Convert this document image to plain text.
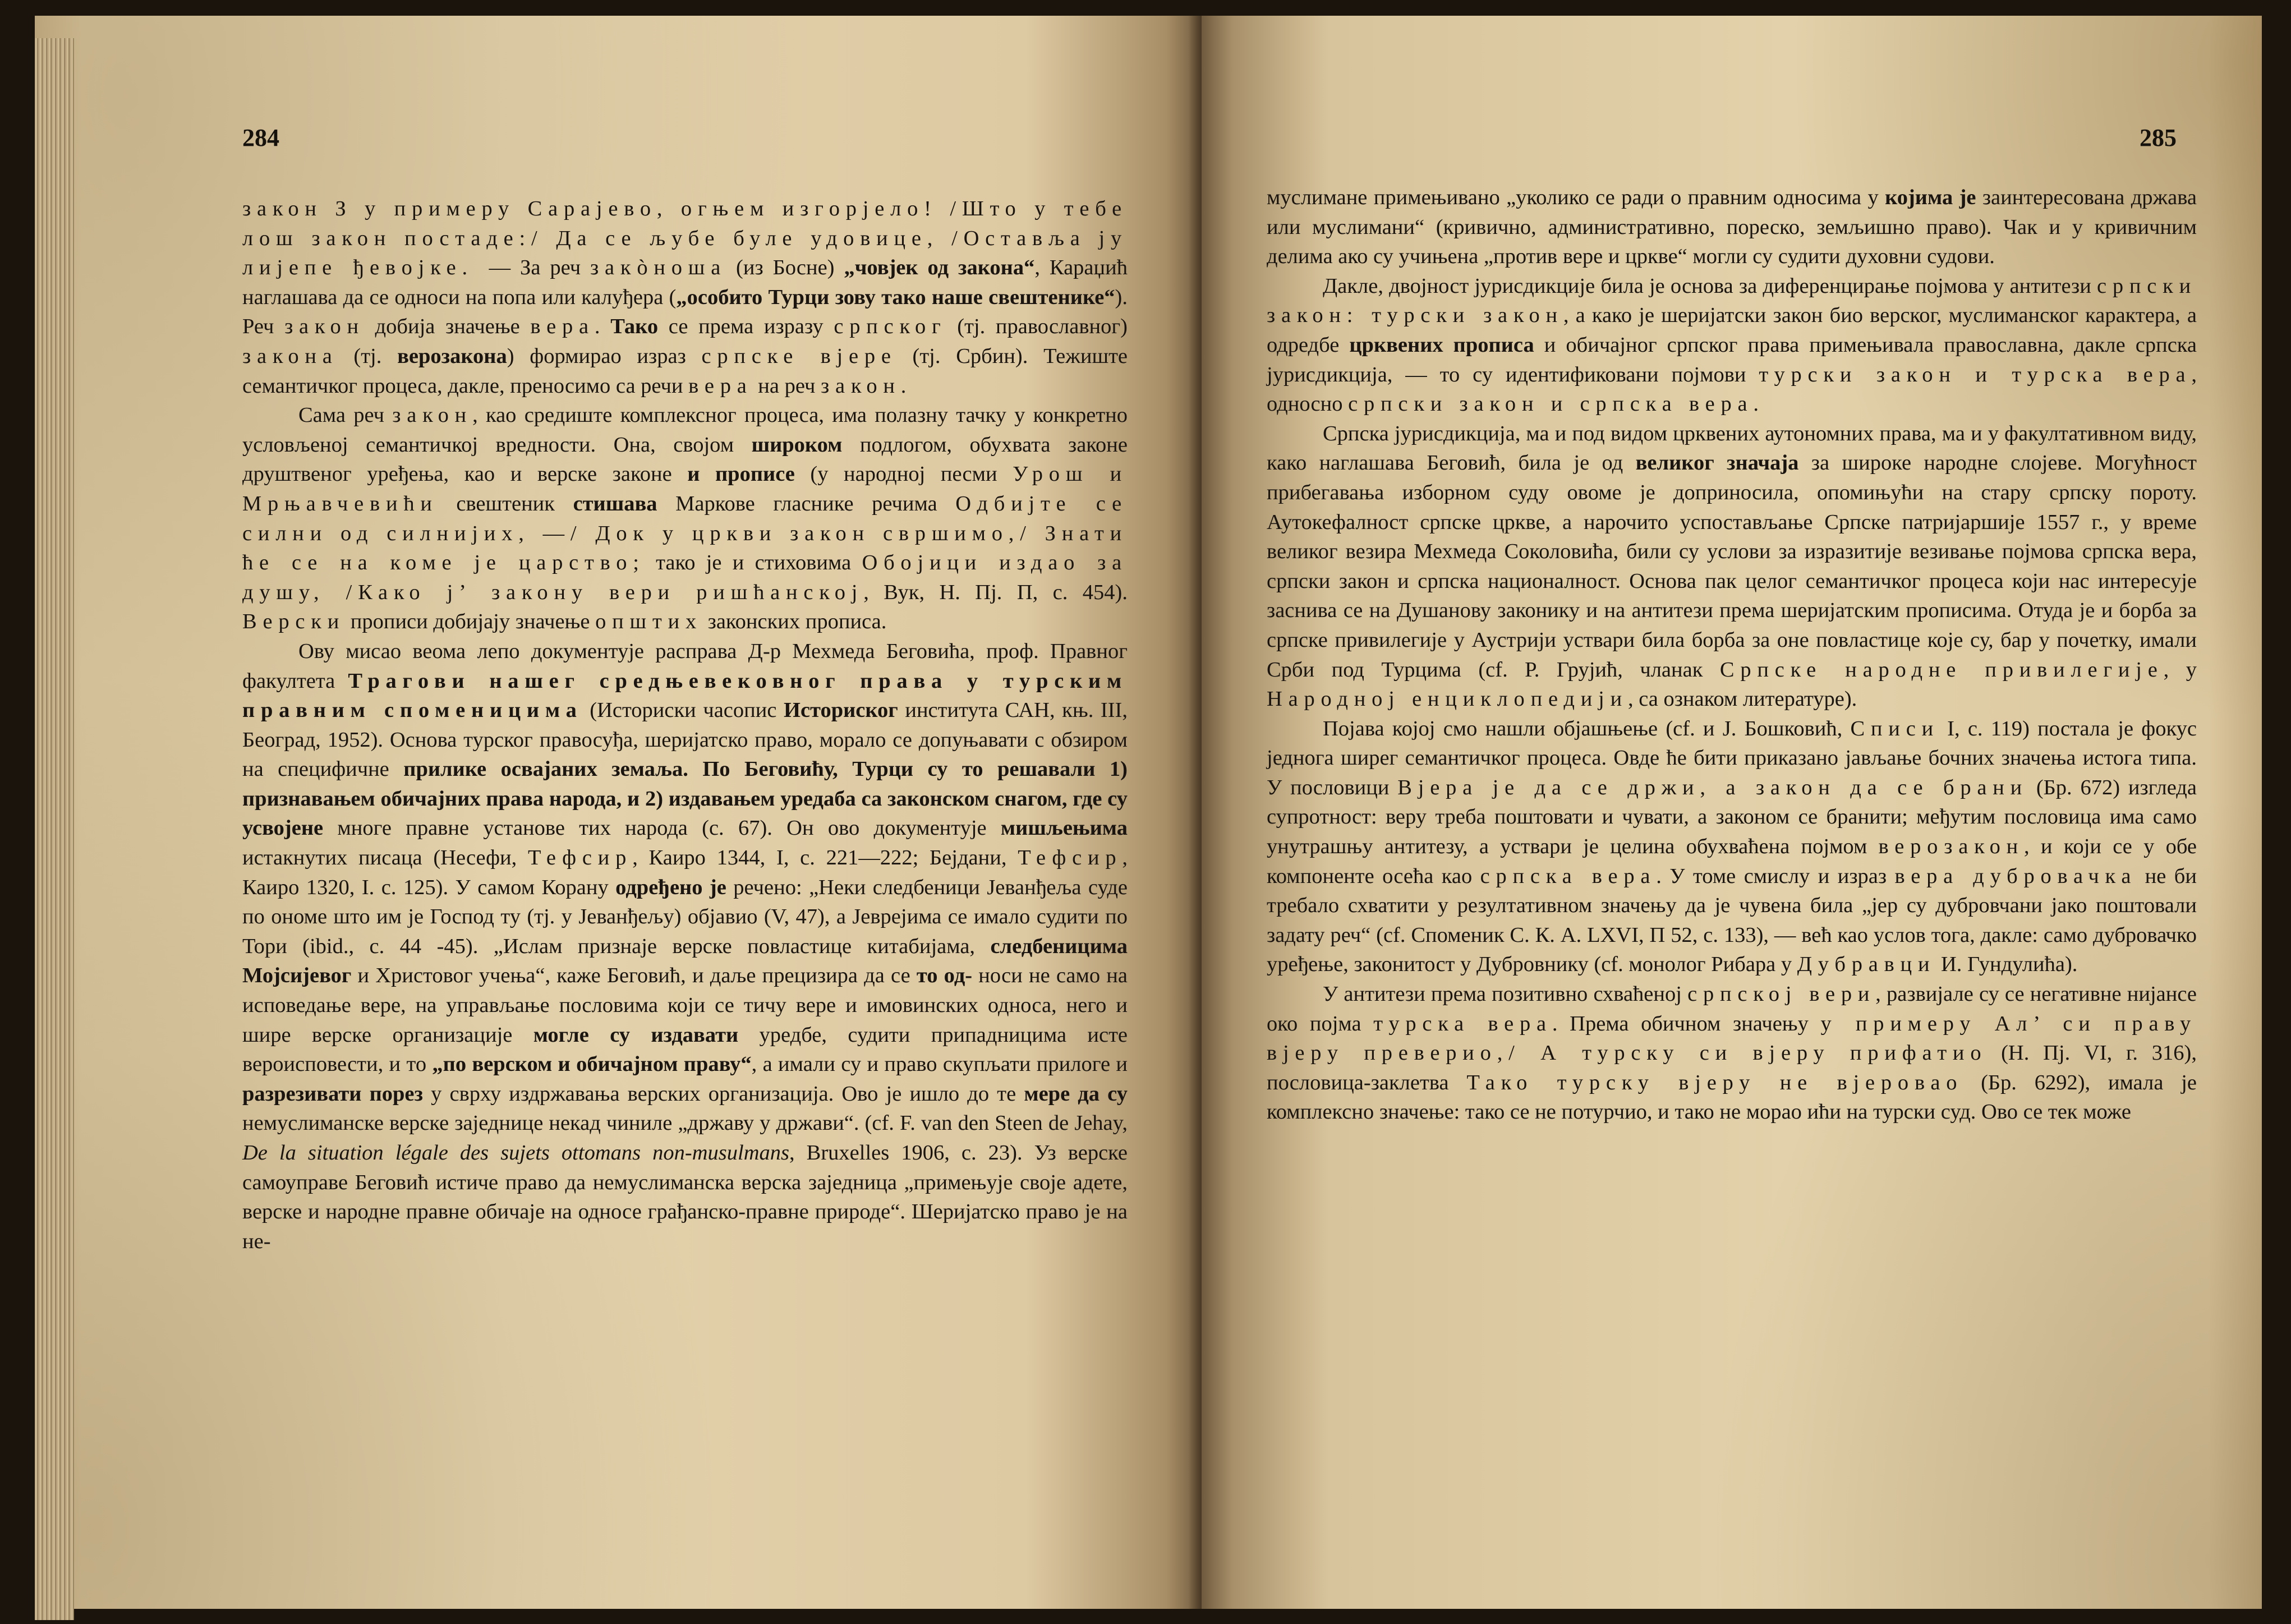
284

закон З у примеру Сарајево, огњем изгорјело! /Што у тебе лош закон постаде:/ Да се љубе буле удовице, /Оставља ју лијепе ђевојке. — За реч закòноша (из Босне) „човјек од закона“, Караџић наглашава да се односи на попа или калуђера („особито Турци зову тако наше свештенике“). Реч закон добија значење вера. Тако се према изразу српског (тј. православног) закона (тј. верозакона) формирао израз српске вјере (тј. Србин). Тежиште семантичког процеса, дакле, преносимо са речи вера на реч закон.

Сама реч закон, као средиште комплексног процеса, има полазну тачку у конкретно условљеној семантичкој вредности. Она, својом широком подлогом, обухвата законе друштвеног уређења, као и верске законе и прописе (у народној песми Урош и Мрњавчевићи свештеник стишава Маркове гласнике речима Одбијте се силни од силнијих, —/ Док у цркви закон свршимо,/ Знати ће се на коме је царство; тако је и стиховима Обојици издао за душу, /Како ј’ закону вери ришћанској, Вук, Н. Пј. П, с. 454). Верски прописи добијају значење општих законских прописа.

Ову мисао веома лепо документује расправа Д-р Мехмеда Беговића, проф. Правног факултета Трагови нашег средњевековног права у турским правним споменицима (Историски часопис Историског института САН, књ. III, Београд, 1952). Основа турског правосуђа, шеријатско право, морало се допуњавати с обзиром на специфичне прилике освајаних земаља. По Беговићу, Турци су то решавали 1) признавањем обичајних права народа, и 2) издавањем уредаба са законском снагом, где су усвојене многе правне установе тих народа (с. 67). Он ово документује мишљењима истакнутих писаца (Несефи, Тефсир, Каиро 1344, I, с. 221—222; Бејдани, Тефсир, Каиро 1320, I. с. 125). У самом Корану одређено је речено: „Неки следбеници Јеванђеља суде по ономе што им је Господ ту (тј. у Јеванђељу) објавио (V, 47), а Јеврејима се имало судити по Тори (ibid., с. 44 -45). „Ислам признаје верске повластице китабијама, следбеницима Мојсијевог и Христовог учења“, каже Беговић, и даље прецизира да се то од- носи не само на исповедање вере, на управљање пословима који се тичу вере и имовинских односа, него и шире верске организације могле су издавати уредбе, судити припадницима исте вероисповести, и то „по верском и обичајном праву“, а имали су и право скупљати прилоге и разрезивати порез у сврху издржавања верских организација. Ово је ишло до те мере да су немуслиманске верске заједнице некад чиниле „државу у држави“. (cf. F. van den Steen de Jehay, De la situation légale des sujets ottomans non-musulmans, Bruxelles 1906, с. 23). Уз верске самоуправе Беговић истиче право да немуслиманска верска заједница „примењује своје адете, верске и народне правне обичаје на односе грађанско-правне природе“. Шеријатско право је на не-

285

муслимане примењивано „уколико се ради о правним односима у којима је заинтересована држава или муслимани“ (кривично, административно, пореско, земљишно право). Чак и у кривичним делима ако су учињена „против вере и цркве“ могли су судити духовни судови.

Дакле, двојност јурисдикције била је основа за диференцирање појмова у антитези српски закон: турски закон, а како је шеријатски закон био верског, муслиманског карактера, а одредбе црквених прописа и обичајног српског права примењивала православна, дакле српска јурисдикција, — то су идентификовани појмови турски закон и турска вера, односно српски закон и српска вера.

Српска јурисдикција, ма и под видом црквених аутономних права, ма и у факултативном виду, како наглашава Беговић, била је од великог значаја за широке народне слојеве. Могућност прибегавања изборном суду овоме је доприносила, опомињући на стару српску пороту. Аутокефалност српске цркве, а нарочито успостављање Српске патријаршије 1557 г., у време великог везира Мехмеда Соколовића, били су услови за изразитије везивање појмова српска вера, српски закон и српска националност. Основа пак целог семантичког процеса који нас интересује заснива се на Душанову законику и на антитези према шеријатским прописима. Отуда је и борба за српске привилегије у Аустрији уствари била борба за оне повластице које су, бар у почетку, имали Срби под Турцима (cf. Р. Грујић, чланак Српске народне привилегије, у Народној енциклопедији, са ознаком литературе).

Појава којој смо нашли објашњење (cf. и J. Бошковић, Списи I, с. 119) постала је фокус једнога ширег семантичког процеса. Овде ће бити приказано јављање бочних значења истога типа. У пословици Вјера је да се држи, а закон да се брани (Бр. 672) изгледа супротност: веру треба поштовати и чувати, а законом се бранити; међутим пословица има само унутрашњу антитезу, а уствари је целина обухваћена појмом верозакон, и који се у обе компоненте осећа као српска вера. У томе смислу и израз вера дубровачка не би требало схватити у резултативном значењу да је чувена била „јер су дубровчани јако поштовали задату реч“ (cf. Споменик С. К. А. LXVI, П 52, с. 133), — већ као услов тога, дакле: само дубровачко уређење, законитост у Дубровнику (cf. монолог Рибара у Дубравци И. Гундулића).

У антитези према позитивно схваћеној српској вери, развијале су се негативне нијансе око појма турска вера. Према обичном значењу у примеру Ал’ си праву вјеру преверио,/ А турску си вјеру прифатио (Н. Пј. VI, г. 316), пословица-заклетва Тако турску вјеру не вјеровао (Бр. 6292), имала је комплексно значење: тако се не потурчио, и тако не морао ићи на турски суд. Ово се тек може
